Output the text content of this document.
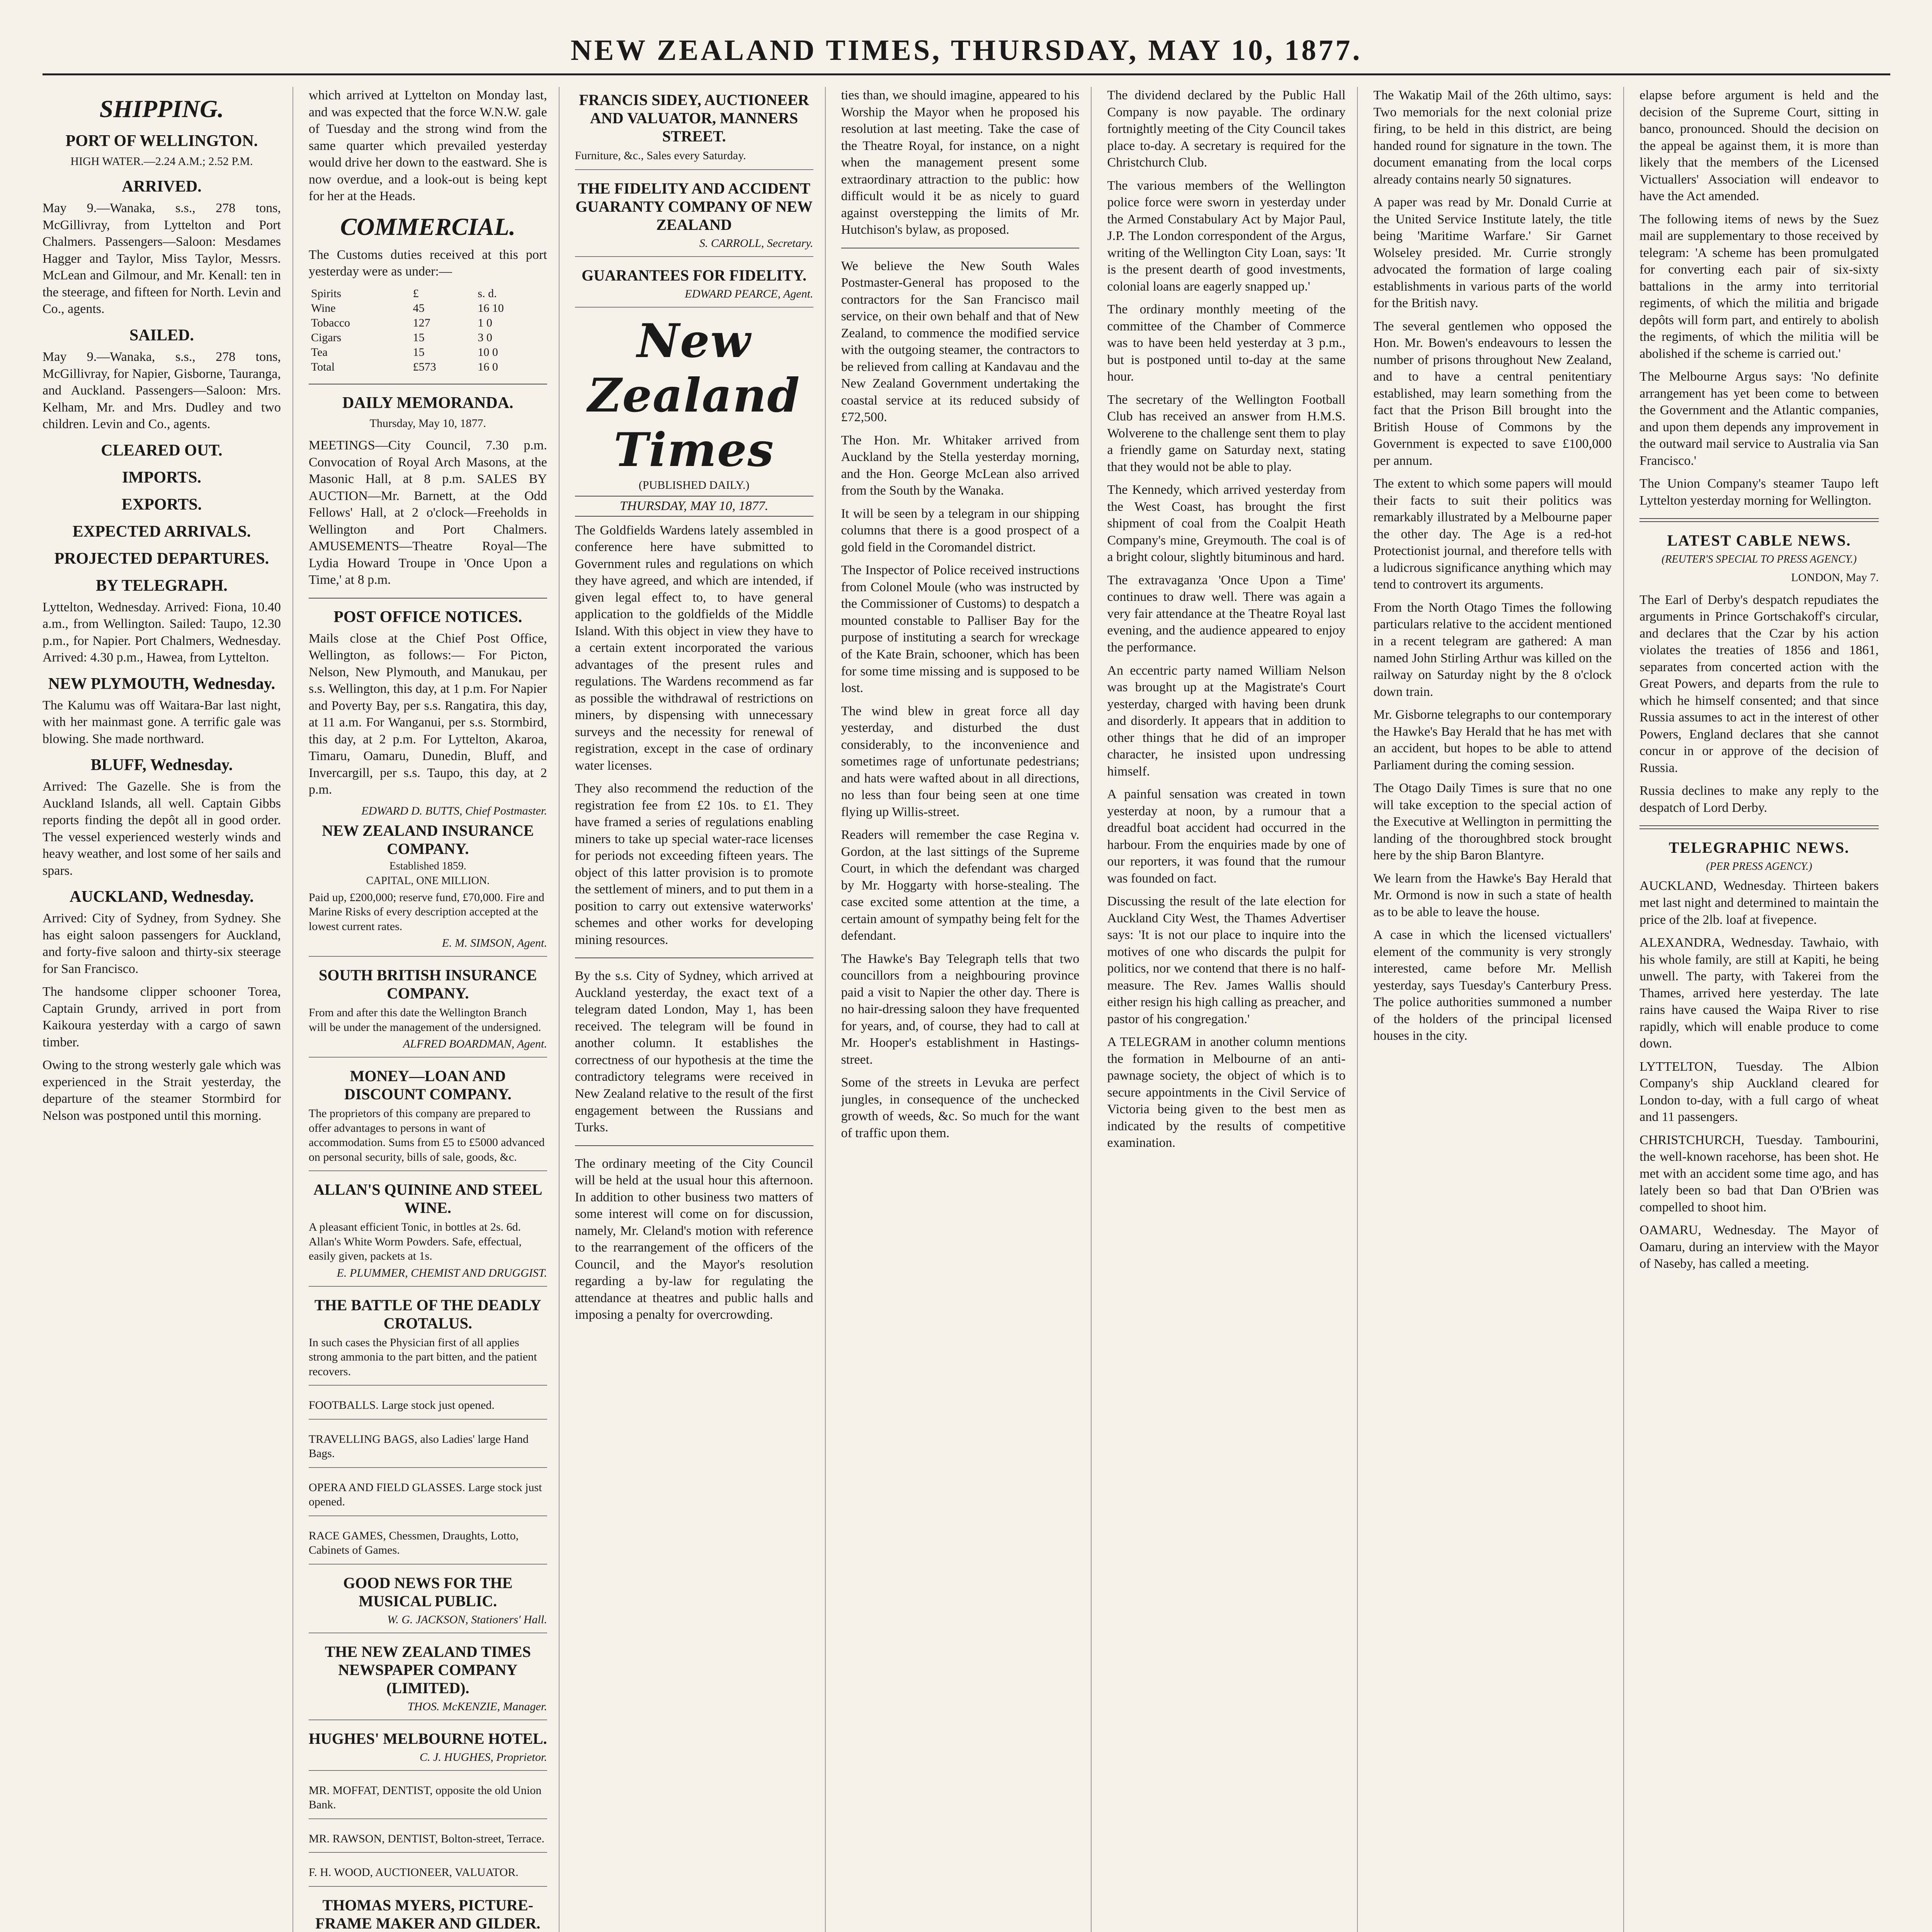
NEW ZEALAND TIMES, THURSDAY, MAY 10, 1877.
SHIPPING.
PORT OF WELLINGTON.

HIGH WATER.—2.24 A.M.; 2.52 P.M.

ARRIVED.

May 9.—Wanaka, s.s., 278 tons, McGillivray, from Lyttelton and Port Chalmers. Passengers—Saloon: Mesdames Hagger and Taylor, Miss Taylor, Messrs. McLean and Gilmour, and Mr. Kenall: ten in the steerage, and fifteen for North. Levin and Co., agents.

SAILED.

May 9.—Wanaka, s.s., 278 tons, McGillivray, for Napier, Gisborne, Tauranga, and Auckland. Passengers—Saloon: Mrs. Kelham, Mr. and Mrs. Dudley and two children. Levin and Co., agents.

CLEARED OUT.
IMPORTS.
EXPORTS.
EXPECTED ARRIVALS.
PROJECTED DEPARTURES.
BY TELEGRAPH.

Lyttelton, Wednesday. Arrived: Fiona, 10.40 a.m., from Wellington. Sailed: Taupo, 12.30 p.m., for Napier. Port Chalmers, Wednesday. Arrived: 4.30 p.m., Hawea, from Lyttelton.

NEW PLYMOUTH, Wednesday.

The Kalumu was off Waitara-Bar last night, with her mainmast gone. A terrific gale was blowing. She made northward.

BLUFF, Wednesday.

Arrived: The Gazelle. She is from the Auckland Islands, all well. Captain Gibbs reports finding the depôt all in good order. The vessel experienced westerly winds and heavy weather, and lost some of her sails and spars.

AUCKLAND, Wednesday.

Arrived: City of Sydney, from Sydney. She has eight saloon passengers for Auckland, and forty-five saloon and thirty-six steerage for San Francisco.

The handsome clipper schooner Torea, Captain Grundy, arrived in port from Kaikoura yesterday with a cargo of sawn timber.

Owing to the strong westerly gale which was experienced in the Strait yesterday, the departure of the steamer Stormbird for Nelson was postponed until this morning.

which arrived at Lyttelton on Monday last, and was expected that the force W.N.W. gale of Tuesday and the strong wind from the same quarter which prevailed yesterday would drive her down to the eastward. She is now overdue, and a look-out is being kept for her at the Heads.

COMMERCIAL.

The Customs duties received at this port yesterday were as under:—

Spirits	£	s. d.
Wine	45	16 10
Tobacco	127	1 0
Cigars	15	3 0
Tea	15	10 0
Total	£573	16 0
DAILY MEMORANDA.

Thursday, May 10, 1877.

MEETINGS—City Council, 7.30 p.m. Convocation of Royal Arch Masons, at the Masonic Hall, at 8 p.m. SALES BY AUCTION—Mr. Barnett, at the Odd Fellows' Hall, at 2 o'clock—Freeholds in Wellington and Port Chalmers. AMUSEMENTS—Theatre Royal—The Lydia Howard Troupe in 'Once Upon a Time,' at 8 p.m.

POST OFFICE NOTICES.

Mails close at the Chief Post Office, Wellington, as follows:— For Picton, Nelson, New Plymouth, and Manukau, per s.s. Wellington, this day, at 1 p.m. For Napier and Poverty Bay, per s.s. Rangatira, this day, at 11 a.m. For Wanganui, per s.s. Stormbird, this day, at 2 p.m. For Lyttelton, Akaroa, Timaru, Oamaru, Dunedin, Bluff, and Invercargill, per s.s. Taupo, this day, at 2 p.m.

EDWARD D. BUTTS, Chief Postmaster.
NEW ZEALAND INSURANCE COMPANY.
Established 1859.
CAPITAL, ONE MILLION.
Paid up, £200,000; reserve fund, £70,000. Fire and Marine Risks of every description accepted at the lowest current rates.
E. M. SIMSON, Agent.
SOUTH BRITISH INSURANCE COMPANY.
From and after this date the Wellington Branch will be under the management of the undersigned.
ALFRED BOARDMAN, Agent.
MONEY—LOAN AND DISCOUNT COMPANY.
The proprietors of this company are prepared to offer advantages to persons in want of accommodation. Sums from £5 to £5000 advanced on personal security, bills of sale, goods, &c.
ALLAN'S QUININE AND STEEL WINE.
A pleasant efficient Tonic, in bottles at 2s. 6d. Allan's White Worm Powders. Safe, effectual, easily given, packets at 1s.
E. PLUMMER, CHEMIST AND DRUGGIST.
THE BATTLE OF THE DEADLY CROTALUS.
In such cases the Physician first of all applies strong ammonia to the part bitten, and the patient recovers.
FOOTBALLS. Large stock just opened.
TRAVELLING BAGS, also Ladies' large Hand Bags.
OPERA AND FIELD GLASSES. Large stock just opened.
RACE GAMES, Chessmen, Draughts, Lotto, Cabinets of Games.
GOOD NEWS FOR THE MUSICAL PUBLIC.
W. G. JACKSON, Stationers' Hall.
THE NEW ZEALAND TIMES NEWSPAPER COMPANY (LIMITED).
THOS. McKENZIE, Manager.
HUGHES' MELBOURNE HOTEL.
C. J. HUGHES, Proprietor.
MR. MOFFAT, DENTIST, opposite the old Union Bank.
MR. RAWSON, DENTIST, Bolton-street, Terrace.
F. H. WOOD, AUCTIONEER, VALUATOR.
THOMAS MYERS, PICTURE-FRAME MAKER AND GILDER.

FRANCIS SIDEY, AUCTIONEER AND VALUATOR, MANNERS STREET.
Furniture, &c., Sales every Saturday.
THE FIDELITY AND ACCIDENT GUARANTY COMPANY OF NEW ZEALAND
S. CARROLL, Secretary.
GUARANTEES FOR FIDELITY.
EDWARD PEARCE, Agent.
New Zealand Times
(PUBLISHED DAILY.)
THURSDAY, MAY 10, 1877.

The Goldfields Wardens lately assembled in conference here have submitted to Government rules and regulations on which they have agreed, and which are intended, if given legal effect to, to have general application to the goldfields of the Middle Island. With this object in view they have to a certain extent incorporated the various advantages of the present rules and regulations. The Wardens recommend as far as possible the withdrawal of restrictions on miners, by dispensing with unnecessary surveys and the necessity for renewal of registration, except in the case of ordinary water licenses.

They also recommend the reduction of the registration fee from £2 10s. to £1. They have framed a series of regulations enabling miners to take up special water-race licenses for periods not exceeding fifteen years. The object of this latter provision is to promote the settlement of miners, and to put them in a position to carry out extensive waterworks' schemes and other works for developing mining resources.

By the s.s. City of Sydney, which arrived at Auckland yesterday, the exact text of a telegram dated London, May 1, has been received. The telegram will be found in another column. It establishes the correctness of our hypothesis at the time the contradictory telegrams were received in New Zealand relative to the result of the first engagement between the Russians and Turks.

The ordinary meeting of the City Council will be held at the usual hour this afternoon. In addition to other business two matters of some interest will come on for discussion, namely, Mr. Cleland's motion with reference to the rearrangement of the officers of the Council, and the Mayor's resolution regarding a by-law for regulating the attendance at theatres and public halls and imposing a penalty for overcrowding.

ties than, we should imagine, appeared to his Worship the Mayor when he proposed his resolution at last meeting. Take the case of the Theatre Royal, for instance, on a night when the management present some extraordinary attraction to the public: how difficult would it be as nicely to guard against overstepping the limits of Mr. Hutchison's bylaw, as proposed.

We believe the New South Wales Postmaster-General has proposed to the contractors for the San Francisco mail service, on their own behalf and that of New Zealand, to commence the modified service with the outgoing steamer, the contractors to be relieved from calling at Kandavau and the New Zealand Government undertaking the coastal service at its reduced subsidy of £72,500.

The Hon. Mr. Whitaker arrived from Auckland by the Stella yesterday morning, and the Hon. George McLean also arrived from the South by the Wanaka.

It will be seen by a telegram in our shipping columns that there is a good prospect of a gold field in the Coromandel district.

The Inspector of Police received instructions from Colonel Moule (who was instructed by the Commissioner of Customs) to despatch a mounted constable to Palliser Bay for the purpose of instituting a search for wreckage of the Kate Brain, schooner, which has been for some time missing and is supposed to be lost.

The wind blew in great force all day yesterday, and disturbed the dust considerably, to the inconvenience and sometimes rage of unfortunate pedestrians; and hats were wafted about in all directions, no less than four being seen at one time flying up Willis-street.

Readers will remember the case Regina v. Gordon, at the last sittings of the Supreme Court, in which the defendant was charged by Mr. Hoggarty with horse-stealing. The case excited some attention at the time, a certain amount of sympathy being felt for the defendant.

The Hawke's Bay Telegraph tells that two councillors from a neighbouring province paid a visit to Napier the other day. There is no hair-dressing saloon they have frequented for years, and, of course, they had to call at Mr. Hooper's establishment in Hastings-street.

Some of the streets in Levuka are perfect jungles, in consequence of the unchecked growth of weeds, &c. So much for the want of traffic upon them.

The dividend declared by the Public Hall Company is now payable. The ordinary fortnightly meeting of the City Council takes place to-day. A secretary is required for the Christchurch Club.

The various members of the Wellington police force were sworn in yesterday under the Armed Constabulary Act by Major Paul, J.P. The London correspondent of the Argus, writing of the Wellington City Loan, says: 'It is the present dearth of good investments, colonial loans are eagerly snapped up.'

The ordinary monthly meeting of the committee of the Chamber of Commerce was to have been held yesterday at 3 p.m., but is postponed until to-day at the same hour.

The secretary of the Wellington Football Club has received an answer from H.M.S. Wolverene to the challenge sent them to play a friendly game on Saturday next, stating that they would not be able to play.

The Kennedy, which arrived yesterday from the West Coast, has brought the first shipment of coal from the Coalpit Heath Company's mine, Greymouth. The coal is of a bright colour, slightly bituminous and hard.

The extravaganza 'Once Upon a Time' continues to draw well. There was again a very fair attendance at the Theatre Royal last evening, and the audience appeared to enjoy the performance.

An eccentric party named William Nelson was brought up at the Magistrate's Court yesterday, charged with having been drunk and disorderly. It appears that in addition to other things that he did of an improper character, he insisted upon undressing himself.

A painful sensation was created in town yesterday at noon, by a rumour that a dreadful boat accident had occurred in the harbour. From the enquiries made by one of our reporters, it was found that the rumour was founded on fact.

Discussing the result of the late election for Auckland City West, the Thames Advertiser says: 'It is not our place to inquire into the motives of one who discards the pulpit for politics, nor we contend that there is no half-measure. The Rev. James Wallis should either resign his high calling as preacher, and pastor of his congregation.'

A TELEGRAM in another column mentions the formation in Melbourne of an anti-pawnage society, the object of which is to secure appointments in the Civil Service of Victoria being given to the best men as indicated by the results of competitive examination.

The Wakatip Mail of the 26th ultimo, says: Two memorials for the next colonial prize firing, to be held in this district, are being handed round for signature in the town. The document emanating from the local corps already contains nearly 50 signatures.

A paper was read by Mr. Donald Currie at the United Service Institute lately, the title being 'Maritime Warfare.' Sir Garnet Wolseley presided. Mr. Currie strongly advocated the formation of large coaling establishments in various parts of the world for the British navy.

The several gentlemen who opposed the Hon. Mr. Bowen's endeavours to lessen the number of prisons throughout New Zealand, and to have a central penitentiary established, may learn something from the fact that the Prison Bill brought into the British House of Commons by the Government is expected to save £100,000 per annum.

The extent to which some papers will mould their facts to suit their politics was remarkably illustrated by a Melbourne paper the other day. The Age is a red-hot Protectionist journal, and therefore tells with a ludicrous significance anything which may tend to controvert its arguments.

From the North Otago Times the following particulars relative to the accident mentioned in a recent telegram are gathered: A man named John Stirling Arthur was killed on the railway on Saturday night by the 8 o'clock down train.

Mr. Gisborne telegraphs to our contemporary the Hawke's Bay Herald that he has met with an accident, but hopes to be able to attend Parliament during the coming session.

The Otago Daily Times is sure that no one will take exception to the special action of the Executive at Wellington in permitting the landing of the thoroughbred stock brought here by the ship Baron Blantyre.

We learn from the Hawke's Bay Herald that Mr. Ormond is now in such a state of health as to be able to leave the house.

A case in which the licensed victuallers' element of the community is very strongly interested, came before Mr. Mellish yesterday, says Tuesday's Canterbury Press. The police authorities summoned a number of the holders of the principal licensed houses in the city.

elapse before argument is held and the decision of the Supreme Court, sitting in banco, pronounced. Should the decision on the appeal be against them, it is more than likely that the members of the Licensed Victuallers' Association will endeavor to have the Act amended.

The following items of news by the Suez mail are supplementary to those received by telegram: 'A scheme has been promulgated for converting each pair of six-sixty battalions in the army into territorial regiments, of which the militia and brigade depôts will form part, and entirely to abolish the regiments, of which the militia will be abolished if the scheme is carried out.'

The Melbourne Argus says: 'No definite arrangement has yet been come to between the Government and the Atlantic companies, and upon them depends any improvement in the outward mail service to Australia via San Francisco.'

The Union Company's steamer Taupo left Lyttelton yesterday morning for Wellington.

LATEST CABLE NEWS.
(REUTER'S SPECIAL TO PRESS AGENCY.)

LONDON, May 7.

The Earl of Derby's despatch repudiates the arguments in Prince Gortschakoff's circular, and declares that the Czar by his action violates the treaties of 1856 and 1861, separates from concerted action with the Great Powers, and departs from the rule to which he himself consented; and that since Russia assumes to act in the interest of other Powers, England declares that she cannot concur in or approve of the decision of Russia.

Russia declines to make any reply to the despatch of Lord Derby.

TELEGRAPHIC NEWS.
(PER PRESS AGENCY.)

AUCKLAND, Wednesday. Thirteen bakers met last night and determined to maintain the price of the 2lb. loaf at fivepence.

ALEXANDRA, Wednesday. Tawhaio, with his whole family, are still at Kapiti, he being unwell. The party, with Takerei from the Thames, arrived here yesterday. The late rains have caused the Waipa River to rise rapidly, which will enable produce to come down.

LYTTELTON, Tuesday. The Albion Company's ship Auckland cleared for London to-day, with a full cargo of wheat and 11 passengers.

CHRISTCHURCH, Tuesday. Tambourini, the well-known racehorse, has been shot. He met with an accident some time ago, and has lately been so bad that Dan O'Brien was compelled to shoot him.

OAMARU, Wednesday. The Mayor of Oamaru, during an interview with the Mayor of Naseby, has called a meeting.
